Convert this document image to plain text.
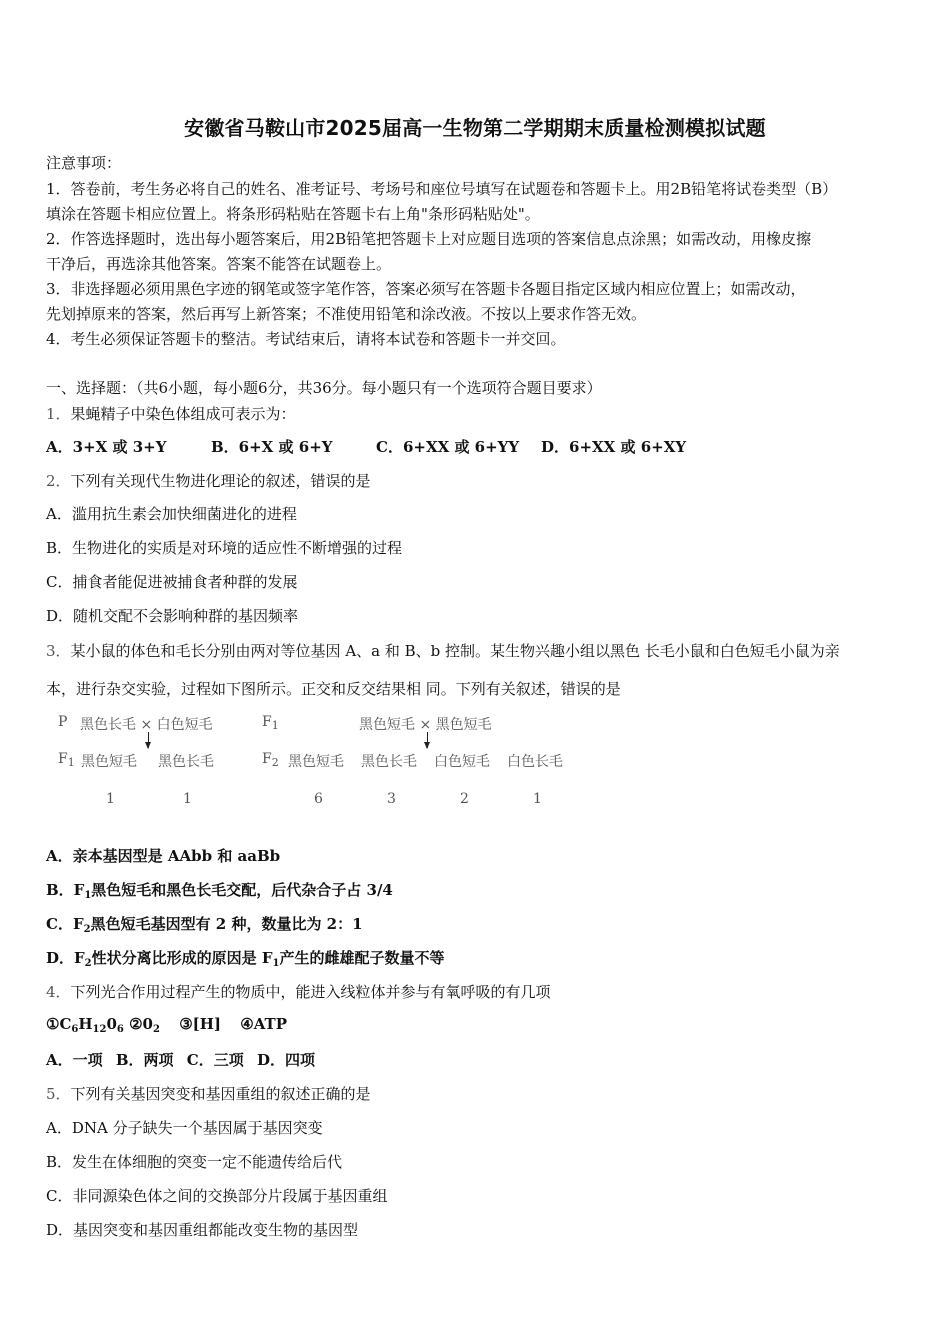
安徽省马鞍山市2025届高一生物第二学期期末质量检测模拟试题
注意事项：
1．答卷前，考生务必将自己的姓名、准考证号、考场号和座位号填写在试题卷和答题卡上。用2B铅笔将试卷类型（B）
填涂在答题卡相应位置上。将条形码粘贴在答题卡右上角"条形码粘贴处"。
2．作答选择题时，选出每小题答案后，用2B铅笔把答题卡上对应题目选项的答案信息点涂黑；如需改动，用橡皮擦
干净后，再选涂其他答案。答案不能答在试题卷上。
3．非选择题必须用黑色字迹的钢笔或签字笔作答，答案必须写在答题卡各题目指定区域内相应位置上；如需改动，
先划掉原来的答案，然后再写上新答案；不准使用铅笔和涂改液。不按以上要求作答无效。
4．考生必须保证答题卡的整洁。考试结束后，请将本试卷和答题卡一并交回。
一、选择题：（共6小题，每小题6分，共36分。每小题只有一个选项符合题目要求）
1．果蝇精子中染色体组成可表示为：
A．3+X 或 3+Y	B．6+X 或 6+Y	C．6+XX 或 6+YY D．6+XX 或 6+XY
2．下列有关现代生物进化理论的叙述，错误的是
A．滥用抗生素会加快细菌进化的进程
B．生物进化的实质是对环境的适应性不断增强的过程
C．捕食者能促进被捕食者种群的发展
D．随机交配不会影响种群的基因频率
3．某小鼠的体色和毛长分别由两对等位基因 A、a 和 B、b 控制。某生物兴趣小组以黑色 长毛小鼠和白色短毛小鼠为亲
本，进行杂交实验，过程如下图所示。正交和反交结果相 同。下列有关叙述，错误的是
P 黑色长毛 × 白色短毛
$F_1$ 黑色短毛 黑色长毛
1	1
$F_1$	黑色短毛 × 黑色短毛
$F_2$ 黑色短毛 黑色长毛 白色短毛 白色长毛
6	3	2	1
A．亲本基因型是 AAbb 和 aaBb
B．$F_1$黑色短毛和黑色长毛交配，后代杂合子占 3/4
C．$F_2$黑色短毛基因型有 2 种，数量比为 2：1
D．$F_2$性状分离比形成的原因是 $F_1$产生的雌雄配子数量不等
4．下列光合作用过程产生的物质中，能进入线粒体并参与有氧呼吸的有几项
$①C_6H_{12}0_6$ $②0_2$ ③[H] ④ATP
A．一项 B．两项 C．三项 D．四项
5．下列有关基因突变和基因重组的叙述正确的是
A．DNA 分子缺失一个基因属于基因突变
B．发生在体细胞的突变一定不能遗传给后代
C．非同源染色体之间的交换部分片段属于基因重组
D．基因突变和基因重组都能改变生物的基因型
